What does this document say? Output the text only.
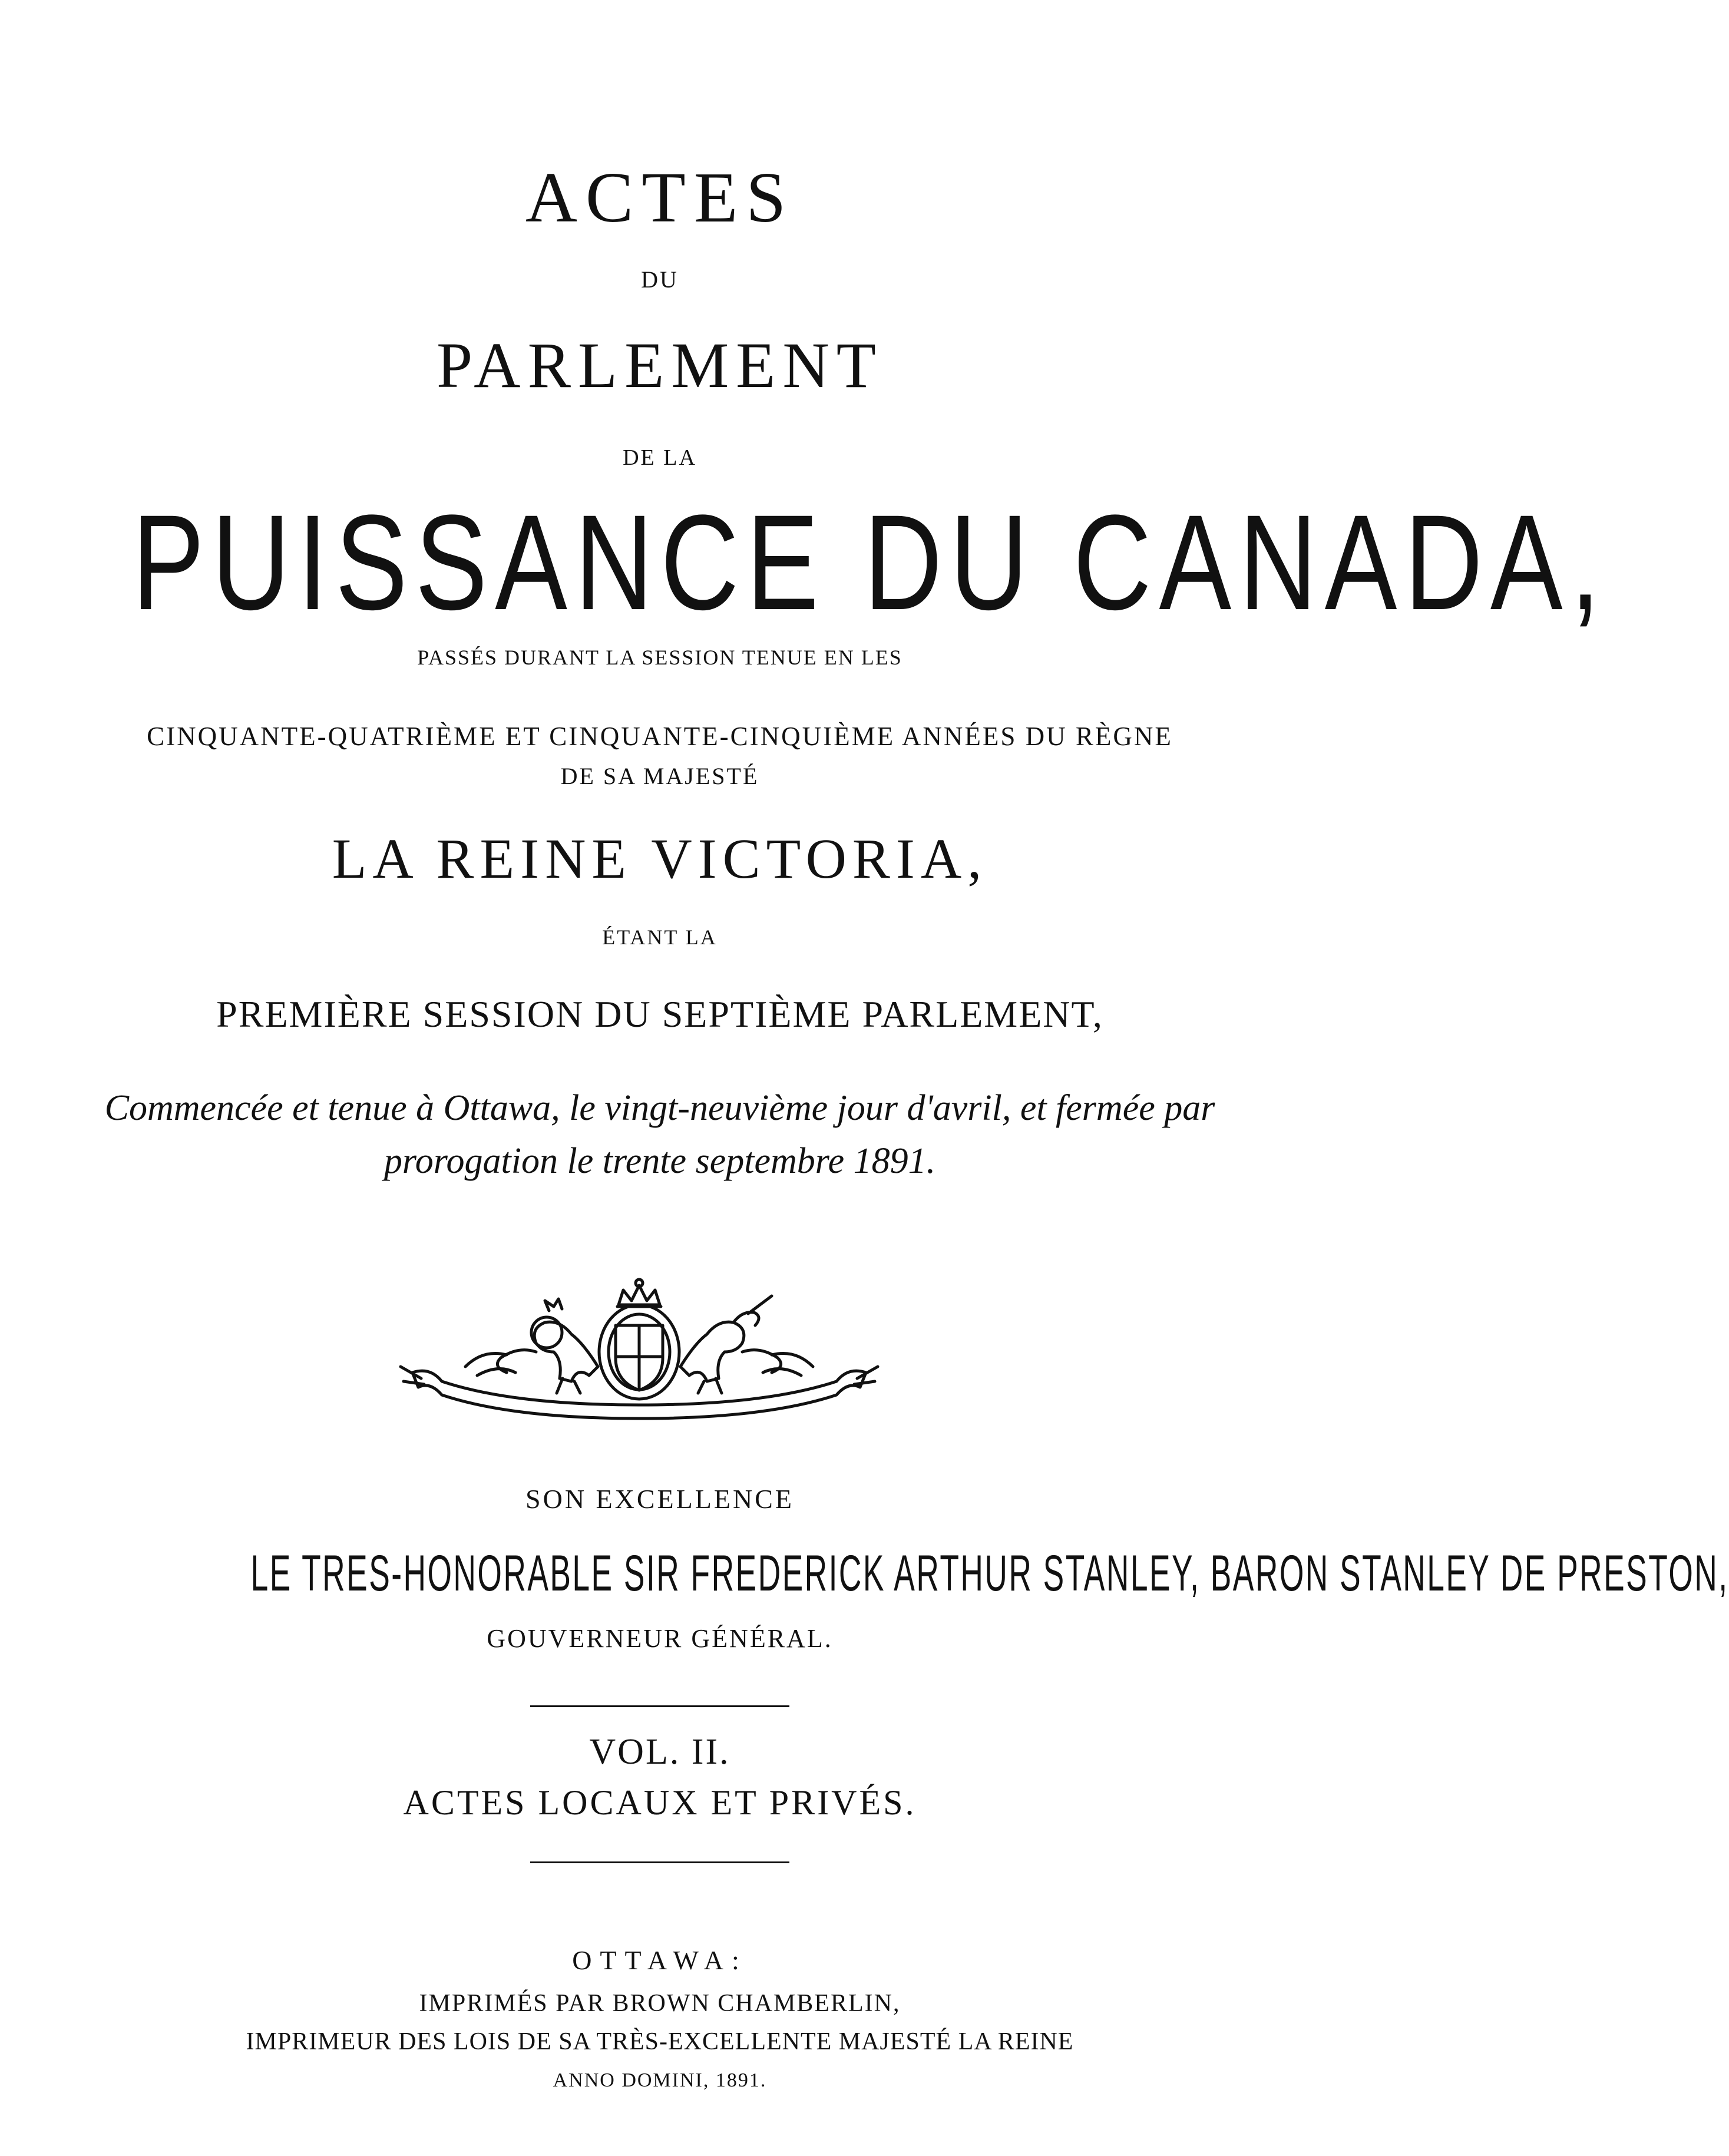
ACTES
DU
PARLEMENT
DE LA
PUISSANCE DU CANADA,
PASSÉS DURANT LA SESSION TENUE EN LES
CINQUANTE-QUATRIÈME ET CINQUANTE-CINQUIÈME ANNÉES DU RÈGNE
DE SA MAJESTÉ
LA REINE VICTORIA,
ÉTANT LA
PREMIÈRE SESSION DU SEPTIÈME PARLEMENT,
Commencée et tenue à Ottawa, le vingt-neuvième jour d'avril, et fermée par
prorogation le trente septembre 1891.
SON EXCELLENCE
LE TRES-HONORABLE SIR FREDERICK ARTHUR STANLEY, BARON STANLEY DE PRESTON,
GOUVERNEUR GÉNÉRAL.
VOL. II.
ACTES LOCAUX ET PRIVÉS.
OTTAWA:
IMPRIMÉS PAR BROWN CHAMBERLIN,
IMPRIMEUR DES LOIS DE SA TRÈS-EXCELLENTE MAJESTÉ LA REINE
ANNO DOMINI, 1891.
